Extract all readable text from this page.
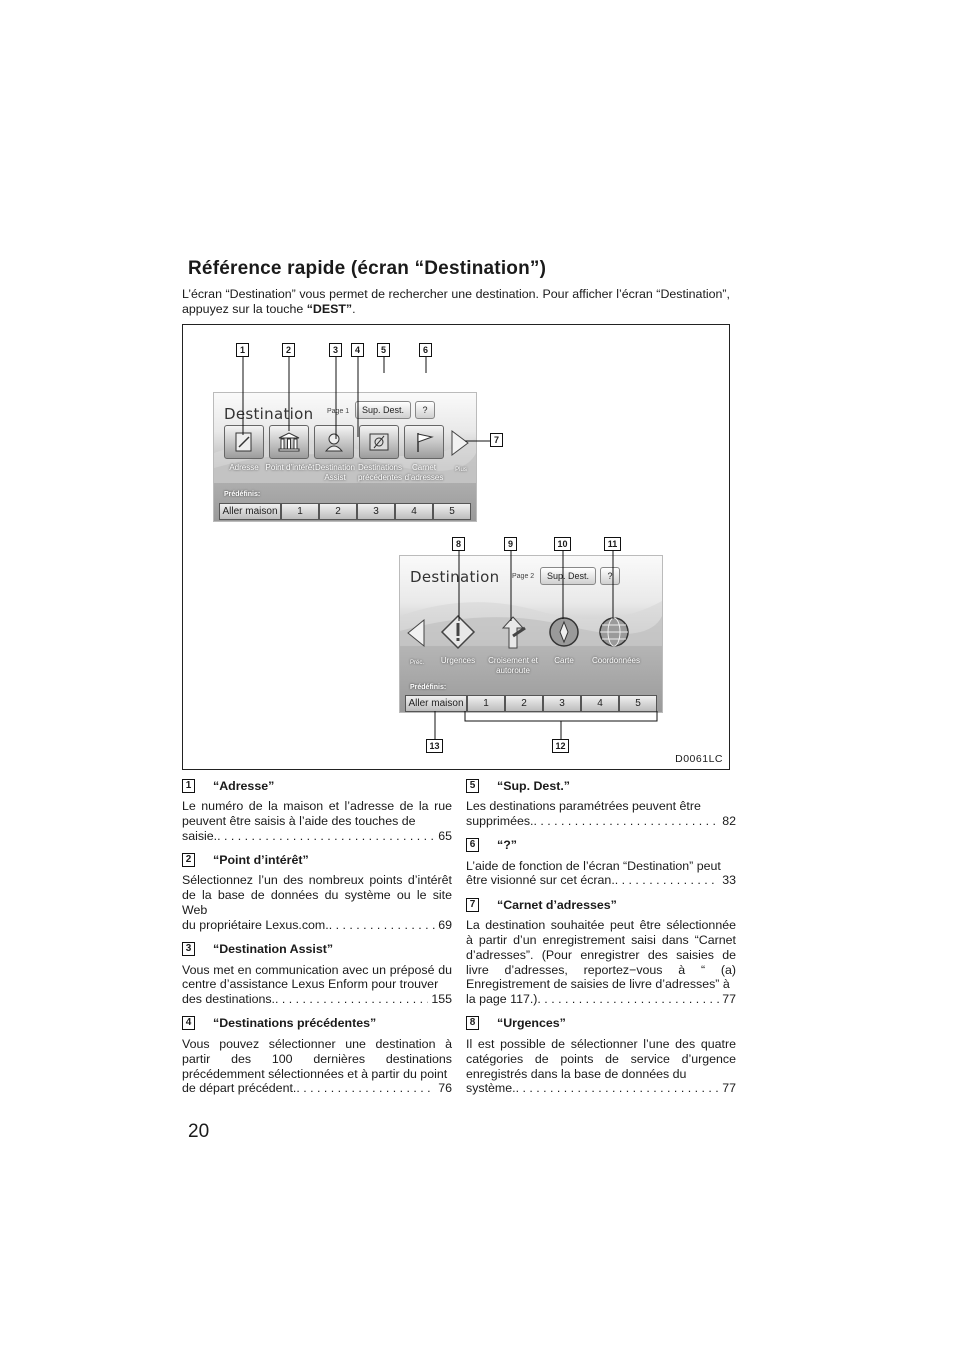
Référence rapide (écran “Destination”)

L’écran “Destination” vous permet de rechercher une destination. Pour afficher l’écran “Destination”, appuyez sur la touche “DEST”.

Destination Page 1	Sup. Dest.	?
Adresse Point d’intérêt Destination Assist
Destinations précédentes
Carnet d’adresses
Plus
Prédéfinis:
Aller maison	1	2	3	4	5
Destination Page 2	Sup. Dest.	?
Préc.	Urgences	Croisement et autoroute
Carte	Coordonnées
Prédéfinis:
Aller maison	1	2	3	4	5
1	2	3	4	5	6
7
8	9	10	11
12
13
D0061LC
1 “Adresse”
Le numéro de la maison et l’adresse de la rue peuvent être saisis à l’aide des touches de
saisie. . . .	65
2 “Point d’intérêt”
Sélectionnez l’un des nombreux points d’intérêt de la base de données du système ou le site Web
du propriétaire Lexus.com. . . .	69
3 “Destination Assist”
Vous met en communication avec un préposé du centre d’assistance Lexus Enform pour trouver
des destinations. . . .	155
4 “Destinations précédentes”
Vous pouvez sélectionner une destination à partir des 100 dernières destinations précédemment sélectionnées et à partir du point
de départ précédent. . . .	76
5 “Sup. Dest.”
Les destinations paramétrées peuvent être
supprimées. . . .	82
6 “?”
L’aide de fonction de l’écran “Destination” peut
être visionné sur cet écran. . . .	33
7 “Carnet d’adresses”
La destination souhaitée peut être sélectionnée à partir d’un enregistrement saisi dans “Carnet d’adresses”. (Pour enregistrer des saisies de livre d’adresses, reportez−vous à “ (a) Enregistrement de saisies de livre d’adresses” à
la page 117.) . . .	77
8 “Urgences”
Il est possible de sélectionner l’une des quatre catégories de points de service d’urgence enregistrés dans la base de données du
système. . . .	77
20
